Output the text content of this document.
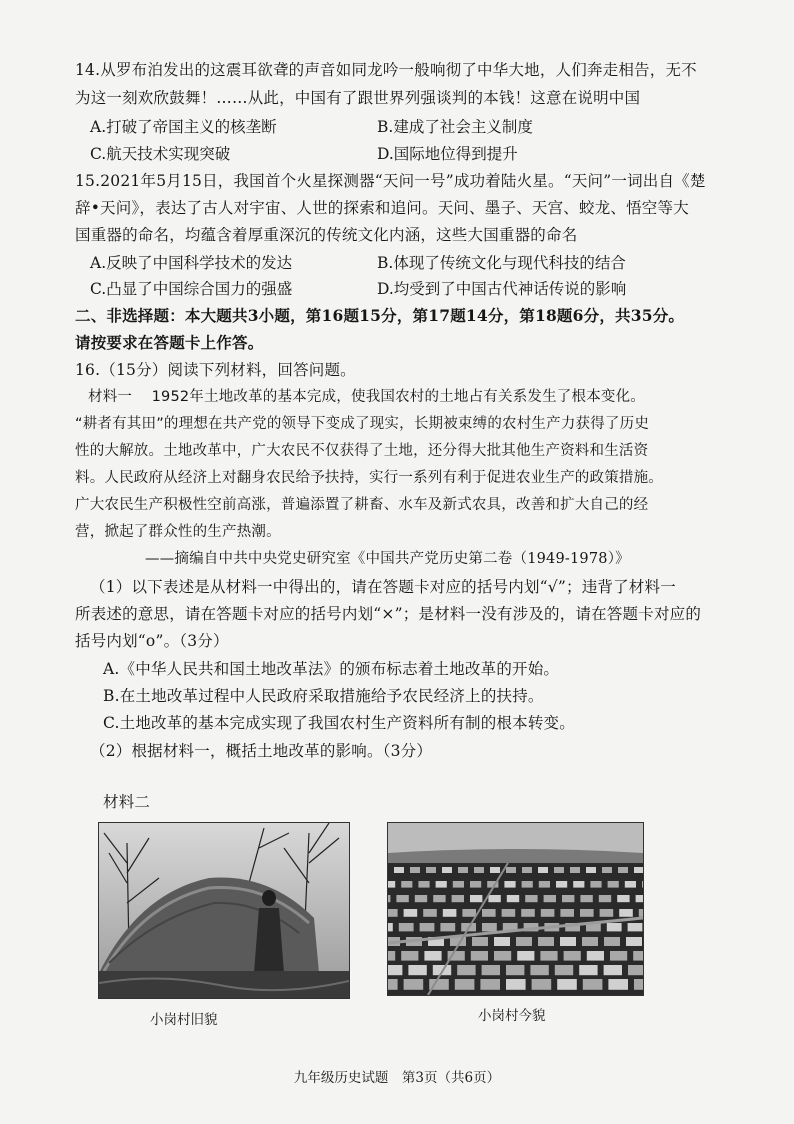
14.从罗布泊发出的这震耳欲聋的声音如同龙吟一般响彻了中华大地，人们奔走相告，无不
为这一刻欢欣鼓舞！……从此，中国有了跟世界列强谈判的本钱！这意在说明中国
A.打破了帝国主义的核垄断	B.建成了社会主义制度
C.航天技术实现突破	D.国际地位得到提升
15.2021年5月15日，我国首个火星探测器“天问一号”成功着陆火星。“天问”一词出自《楚
辞•天问》，表达了古人对宇宙、人世的探索和追问。天问、墨子、天宫、蛟龙、悟空等大
国重器的命名，均蕴含着厚重深沉的传统文化内涵，这些大国重器的命名
A.反映了中国科学技术的发达	B.体现了传统文化与现代科技的结合
C.凸显了中国综合国力的强盛	D.均受到了中国古代神话传说的影响
二、非选择题：本大题共3小题，第16题15分，第17题14分，第18题6分，共35分。
请按要求在答题卡上作答。
16.（15分）阅读下列材料，回答问题。
材料一　 1952年土地改革的基本完成，使我国农村的土地占有关系发生了根本变化。
“耕者有其田”的理想在共产党的领导下变成了现实，长期被束缚的农村生产力获得了历史
性的大解放。土地改革中，广大农民不仅获得了土地，还分得大批其他生产资料和生活资
料。人民政府从经济上对翻身农民给予扶持，实行一系列有利于促进农业生产的政策措施。
广大农民生产积极性空前高涨，普遍添置了耕畜、水车及新式农具，改善和扩大自己的经
营，掀起了群众性的生产热潮。
——摘编自中共中央党史研究室《中国共产党历史第二卷（1949-1978）》
（1）以下表述是从材料一中得出的，请在答题卡对应的括号内划“√”；违背了材料一
所表述的意思，请在答题卡对应的括号内划“×”；是材料一没有涉及的，请在答题卡对应的
括号内划“o”。（3分）
A.《中华人民共和国土地改革法》的颁布标志着土地改革的开始。
B.在土地改革过程中人民政府采取措施给予农民经济上的扶持。
C.土地改革的基本完成实现了我国农村生产资料所有制的根本转变。
（2）根据材料一，概括土地改革的影响。（3分）
材料二
小岗村旧貌	小岗村今貌
九年级历史试题　第3页（共6页）
